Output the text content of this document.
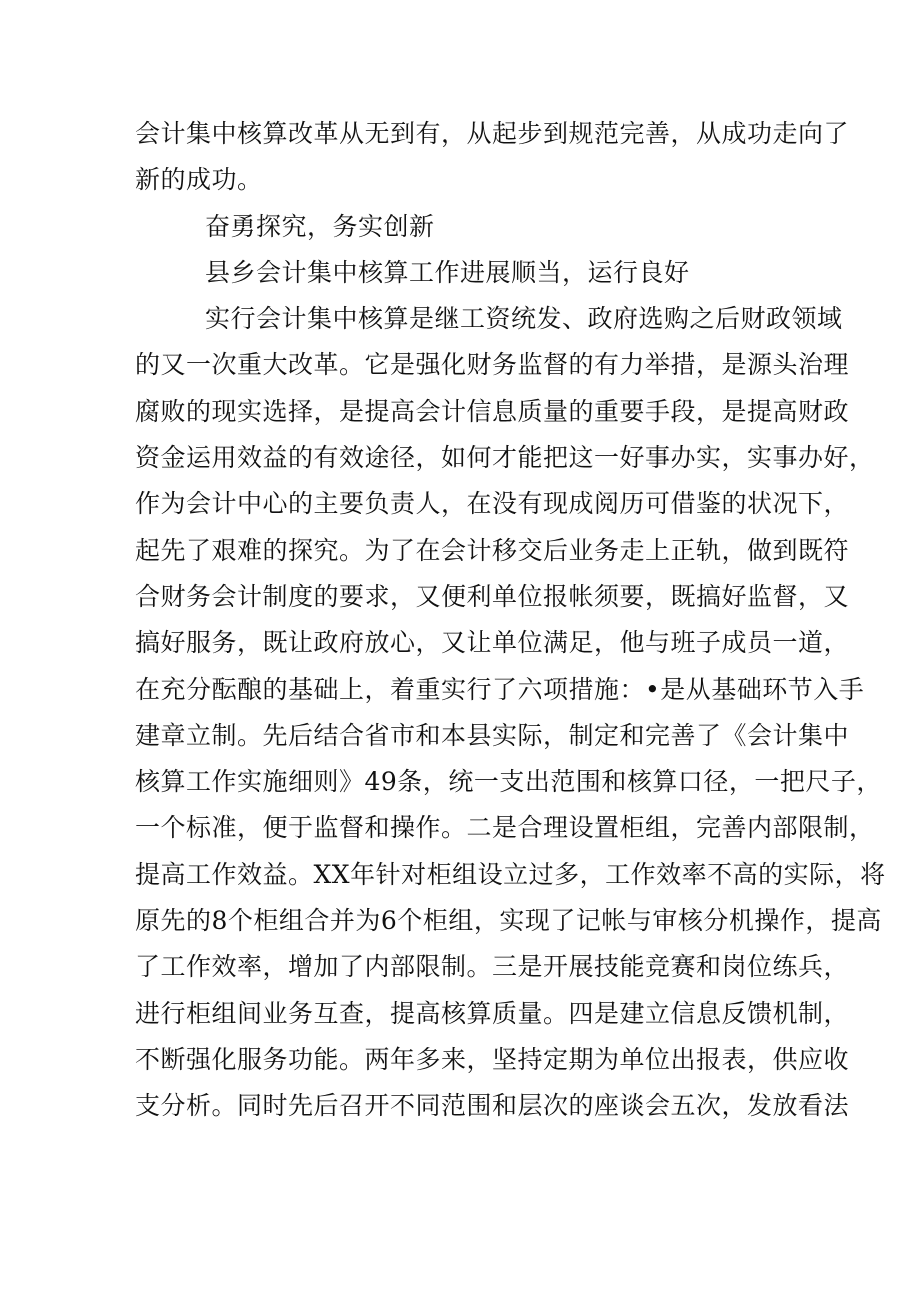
会计集中核算改革从无到有，从起步到规范完善，从成功走向了
新的成功。
奋勇探究，务实创新
县乡会计集中核算工作进展顺当，运行良好
实行会计集中核算是继工资统发、政府选购之后财政领域
的又一次重大改革。它是强化财务监督的有力举措，是源头治理
腐败的现实选择，是提高会计信息质量的重要手段，是提高财政
资金运用效益的有效途径，如何才能把这一好事办实，实事办好，
作为会计中心的主要负责人，在没有现成阅历可借鉴的状况下，
起先了艰难的探究。为了在会计移交后业务走上正轨，做到既符
合财务会计制度的要求，又便利单位报帐须要，既搞好监督，又
搞好服务，既让政府放心，又让单位满足，他与班子成员一道，
在充分酝酿的基础上，着重实行了六项措施：•是从基础环节入手
建章立制。先后结合省市和本县实际，制定和完善了《会计集中
核算工作实施细则》49条，统一支出范围和核算口径，一把尺子，
一个标准，便于监督和操作。二是合理设置柜组，完善内部限制，
提高工作效益。XX年针对柜组设立过多，工作效率不高的实际，将
原先的8个柜组合并为6个柜组，实现了记帐与审核分机操作，提高
了工作效率，增加了内部限制。三是开展技能竞赛和岗位练兵，
进行柜组间业务互查，提高核算质量。四是建立信息反馈机制，
不断强化服务功能。两年多来，坚持定期为单位出报表，供应收
支分析。同时先后召开不同范围和层次的座谈会五次，发放看法
